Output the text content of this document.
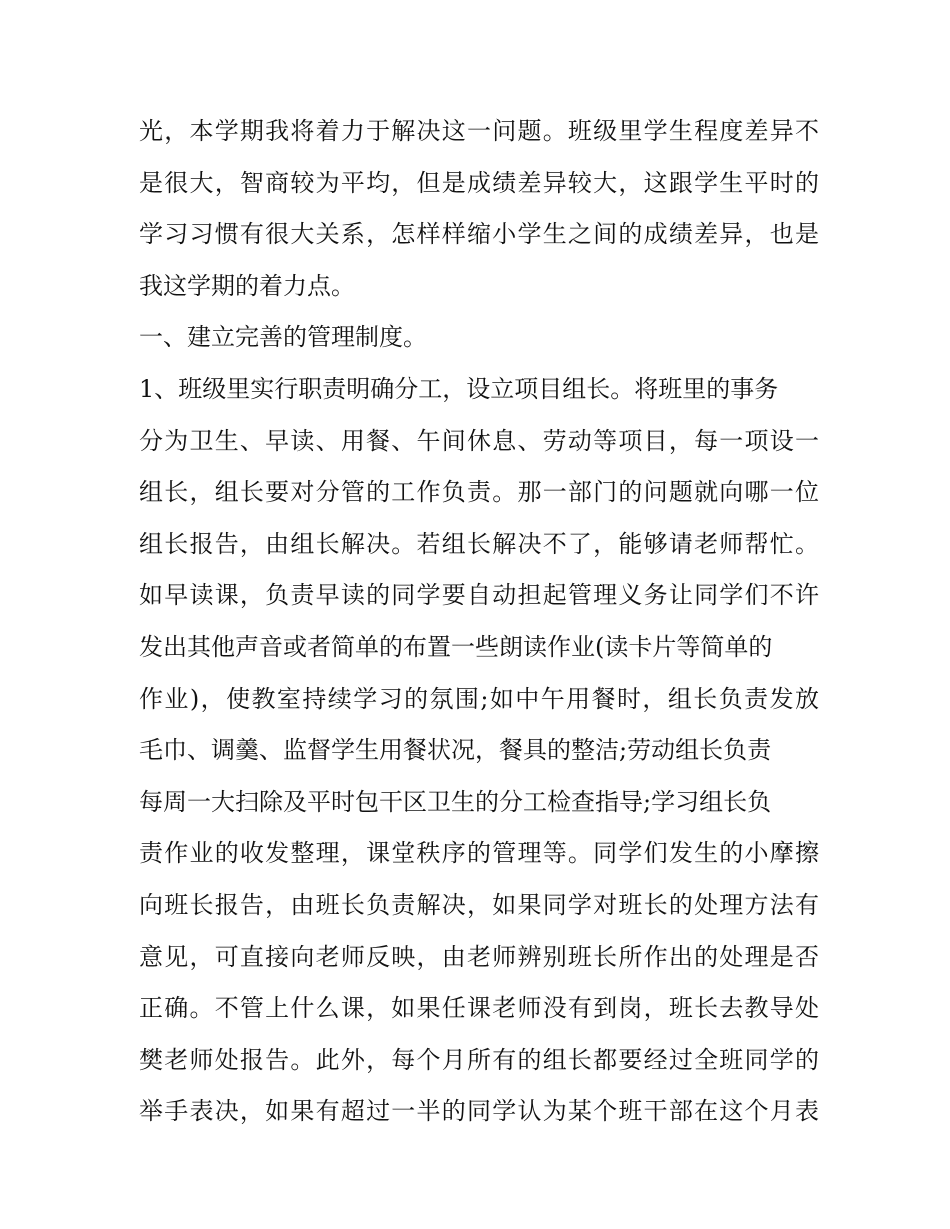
光，本学期我将着力于解决这一问题。班级里学生程度差异不
是很大，智商较为平均，但是成绩差异较大，这跟学生平时的
学习习惯有很大关系，怎样样缩小学生之间的成绩差异，也是
我这学期的着力点。
一、建立完善的管理制度。
1、班级里实行职责明确分工，设立项目组长。将班里的事务
分为卫生、早读、用餐、午间休息、劳动等项目，每一项设一
组长，组长要对分管的工作负责。那一部门的问题就向哪一位
组长报告，由组长解决。若组长解决不了，能够请老师帮忙。
如早读课，负责早读的同学要自动担起管理义务让同学们不许
发出其他声音或者简单的布置一些朗读作业(读卡片等简单的
作业)，使教室持续学习的氛围;如中午用餐时，组长负责发放
毛巾、调羹、监督学生用餐状况，餐具的整洁;劳动组长负责
每周一大扫除及平时包干区卫生的分工检查指导;学习组长负
责作业的收发整理，课堂秩序的管理等。同学们发生的小摩擦
向班长报告，由班长负责解决，如果同学对班长的处理方法有
意见，可直接向老师反映，由老师辨别班长所作出的处理是否
正确。不管上什么课，如果任课老师没有到岗，班长去教导处
樊老师处报告。此外，每个月所有的组长都要经过全班同学的
举手表决，如果有超过一半的同学认为某个班干部在这个月表
